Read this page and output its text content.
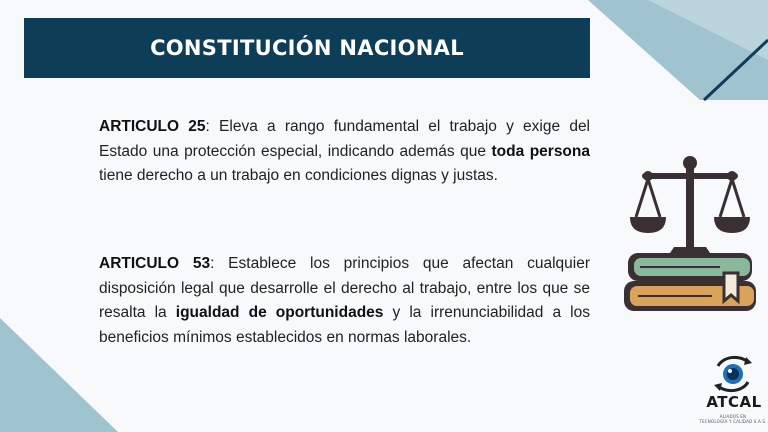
CONSTITUCIÓN NACIONAL
ARTICULO 25: Eleva a rango fundamental el trabajo y exige del Estado una protección especial, indicando además que toda persona tiene derecho a un trabajo en condiciones dignas y justas.
ARTICULO 53: Establece los principios que afectan cualquier disposición legal que desarrolle el derecho al trabajo, entre los que se resalta la igualdad de oportunidades y la irrenunciabilidad a los beneficios mínimos establecidos en normas laborales.
ATCAL
ALIADOS EN
TECNOLOGÍA Y CALIDAD S.A.S.
